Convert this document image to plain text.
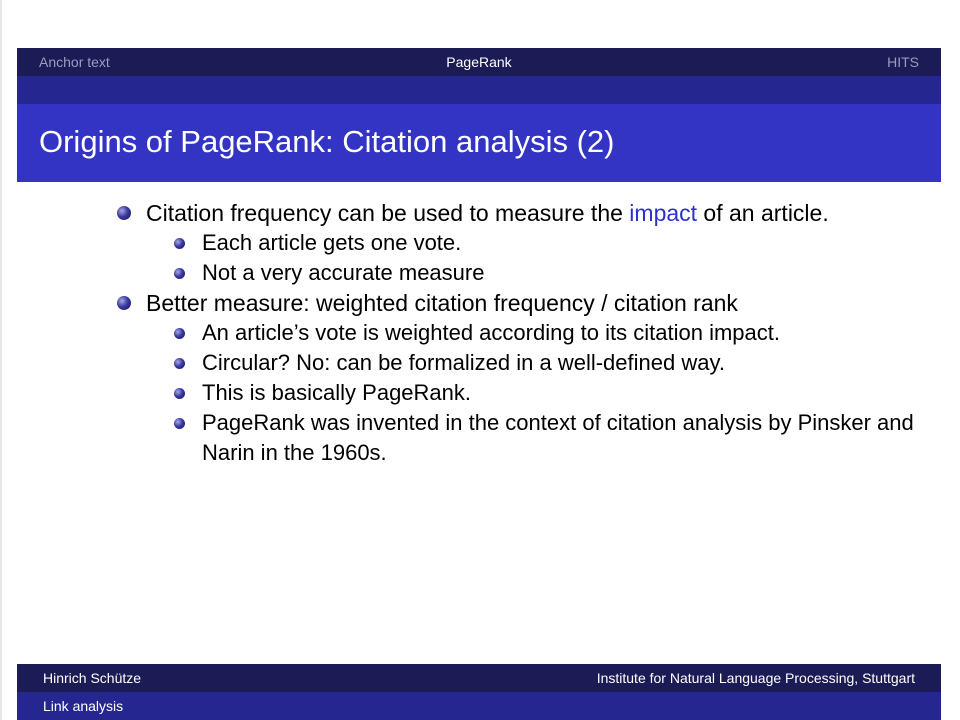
Anchor text	PageRank	HITS
Origins of PageRank: Citation analysis (2)
Citation frequency can be used to measure the impact of an article.
Each article gets one vote.
Not a very accurate measure
Better measure: weighted citation frequency / citation rank
An article’s vote is weighted according to its citation impact.
Circular? No: can be formalized in a well-defined way.
This is basically PageRank.
PageRank was invented in the context of citation analysis by Pinsker and Narin in the 1960s.
Hinrich Schütze	Institute for Natural Language Processing, Stuttgart
Link analysis
